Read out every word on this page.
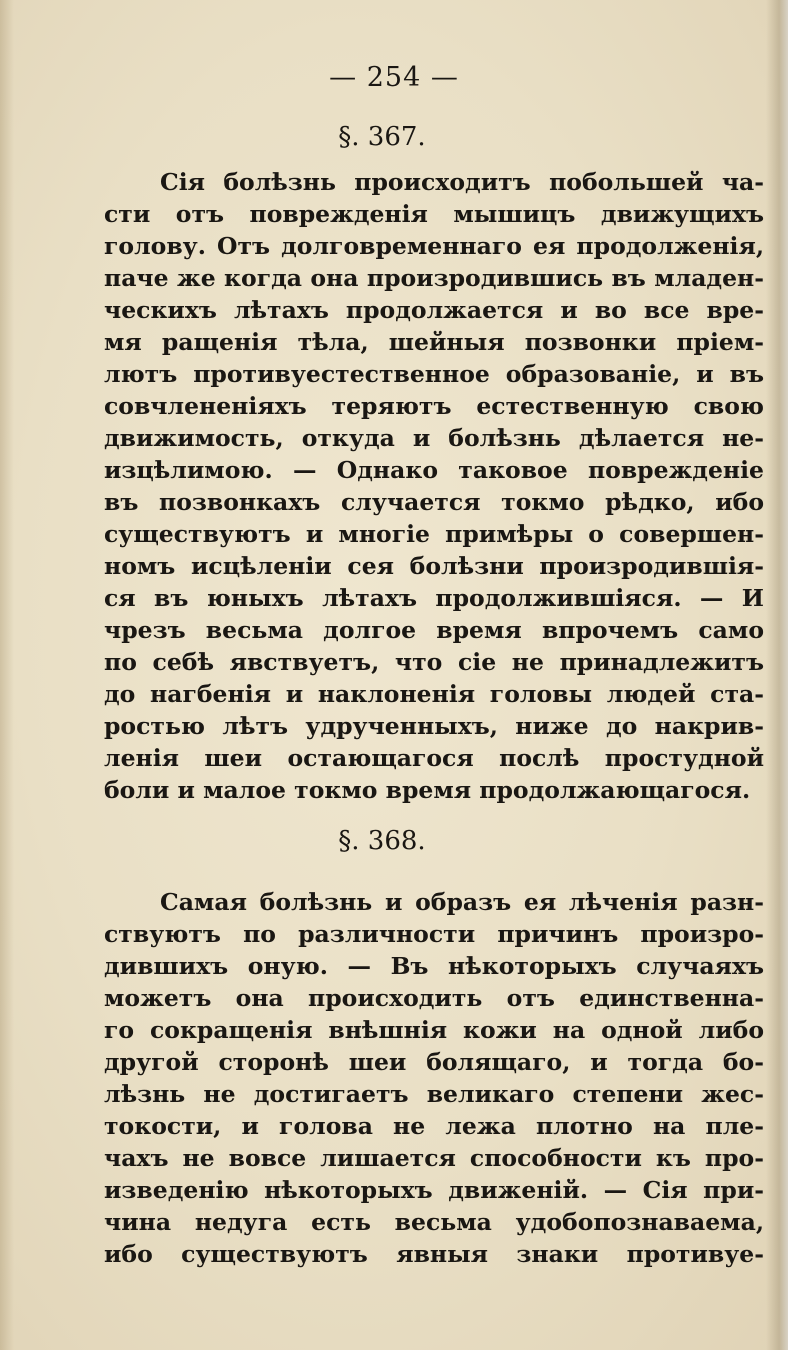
— 254 —
§. 367.
Сія болѣзнь происходитъ побольшей ча-
сти отъ поврежденія мышицъ движущихъ
голову. Отъ долговременнаго ея продолженія,
паче же когда она произродившись въ младен-
ческихъ лѣтахъ продолжается и во все вре-
мя ращенія тѣла, шейныя позвонки пріем-
лютъ противуестественное образованіе, и въ
совчлененіяхъ теряютъ естественную свою
движимость, откуда и болѣзнь дѣлается не-
изцѣлимою. — Однако таковое поврежденіе
въ позвонкахъ случается токмо рѣдко, ибо
существуютъ и многіе примѣры о совершен-
номъ исцѣленіи сея болѣзни произродившія-
ся въ юныхъ лѣтахъ продолжившіяся. — И
чрезъ весьма долгое время впрочемъ само
по себѣ явствуетъ, что сіе не принадлежитъ
до нагбенія и наклоненія головы людей ста-
ростью лѣтъ удрученныхъ, ниже до накрив-
ленія шеи остающагося послѣ простудной
боли и малое токмо время продолжающагося.
§. 368.
Самая болѣзнь и образъ ея лѣченія разн-
ствуютъ по различности причинъ произро-
дившихъ оную. — Въ нѣкоторыхъ случаяхъ
можетъ она происходить отъ единственна-
го сокращенія внѣшнія кожи на одной либо
другой сторонѣ шеи болящаго, и тогда бо-
лѣзнь не достигаетъ великаго степени жес-
токости, и голова не лежа плотно на пле-
чахъ не вовсе лишается способности къ про-
изведенію нѣкоторыхъ движеній. — Сія при-
чина недуга есть весьма удобопознаваема,
ибо существуютъ явныя знаки противуе-
